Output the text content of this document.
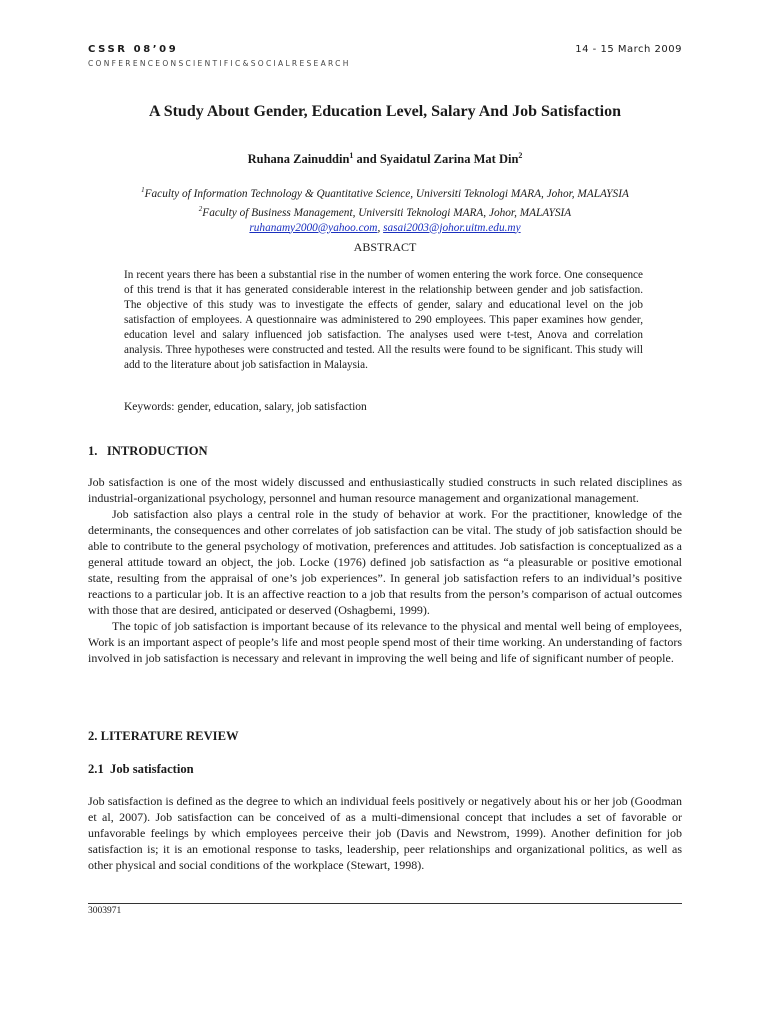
CSSR 08’09	14 - 15 March 2009
CONFERENCEONSCIENTIFIC&SOCIALRESEARCH
A Study About Gender, Education Level, Salary And Job Satisfaction
Ruhana Zainuddin$^1$ and Syaidatul Zarina Mat Din$^2$
$^1$Faculty of Information Technology & Quantitative Science, Universiti Teknologi MARA, Johor, MALAYSIA
$^2$Faculty of Business Management, Universiti Teknologi MARA, Johor, MALAYSIA
ruhanamy2000@yahoo.com, sasai2003@johor.uitm.edu.my
ABSTRACT
In recent years there has been a substantial rise in the number of women entering the work force. One consequence of this trend is that it has generated considerable interest in the relationship between gender and job satisfaction. The objective of this study was to investigate the effects of gender, salary and educational level on the job satisfaction of employees. A questionnaire was administered to 290 employees. This paper examines how gender, education level and salary influenced job satisfaction. The analyses used were t-test, Anova and correlation analysis. Three hypotheses were constructed and tested. All the results were found to be significant. This study will add to the literature about job satisfaction in Malaysia.
Keywords: gender, education, salary, job satisfaction
1.   INTRODUCTION

Job satisfaction is one of the most widely discussed and enthusiastically studied constructs in such related disciplines as industrial-organizational psychology, personnel and human resource management and organizational management.

Job satisfaction also plays a central role in the study of behavior at work. For the practitioner, knowledge of the determinants, the consequences and other correlates of job satisfaction can be vital. The study of job satisfaction should be able to contribute to the general psychology of motivation, preferences and attitudes. Job satisfaction is conceptualized as a general attitude toward an object, the job. Locke (1976) defined job satisfaction as “a pleasurable or positive emotional state, resulting from the appraisal of one’s job experiences”. In general job satisfaction refers to an individual’s positive reactions to a particular job. It is an affective reaction to a job that results from the person’s comparison of actual outcomes with those that are desired, anticipated or deserved (Oshagbemi, 1999).

The topic of job satisfaction is important because of its relevance to the physical and mental well being of employees, Work is an important aspect of people’s life and most people spend most of their time working. An understanding of factors involved in job satisfaction is necessary and relevant in improving the well being and life of significant number of people.

2. LITERATURE REVIEW
2.1  Job satisfaction

Job satisfaction is defined as the degree to which an individual feels positively or negatively about his or her job (Goodman et al, 2007). Job satisfaction can be conceived of as a multi-dimensional concept that includes a set of favorable or unfavorable feelings by which employees perceive their job (Davis and Newstrom, 1999). Another definition for job satisfaction is; it is an emotional response to tasks, leadership, peer relationships and organizational politics, as well as other physical and social conditions of the workplace (Stewart, 1998).

3003971
